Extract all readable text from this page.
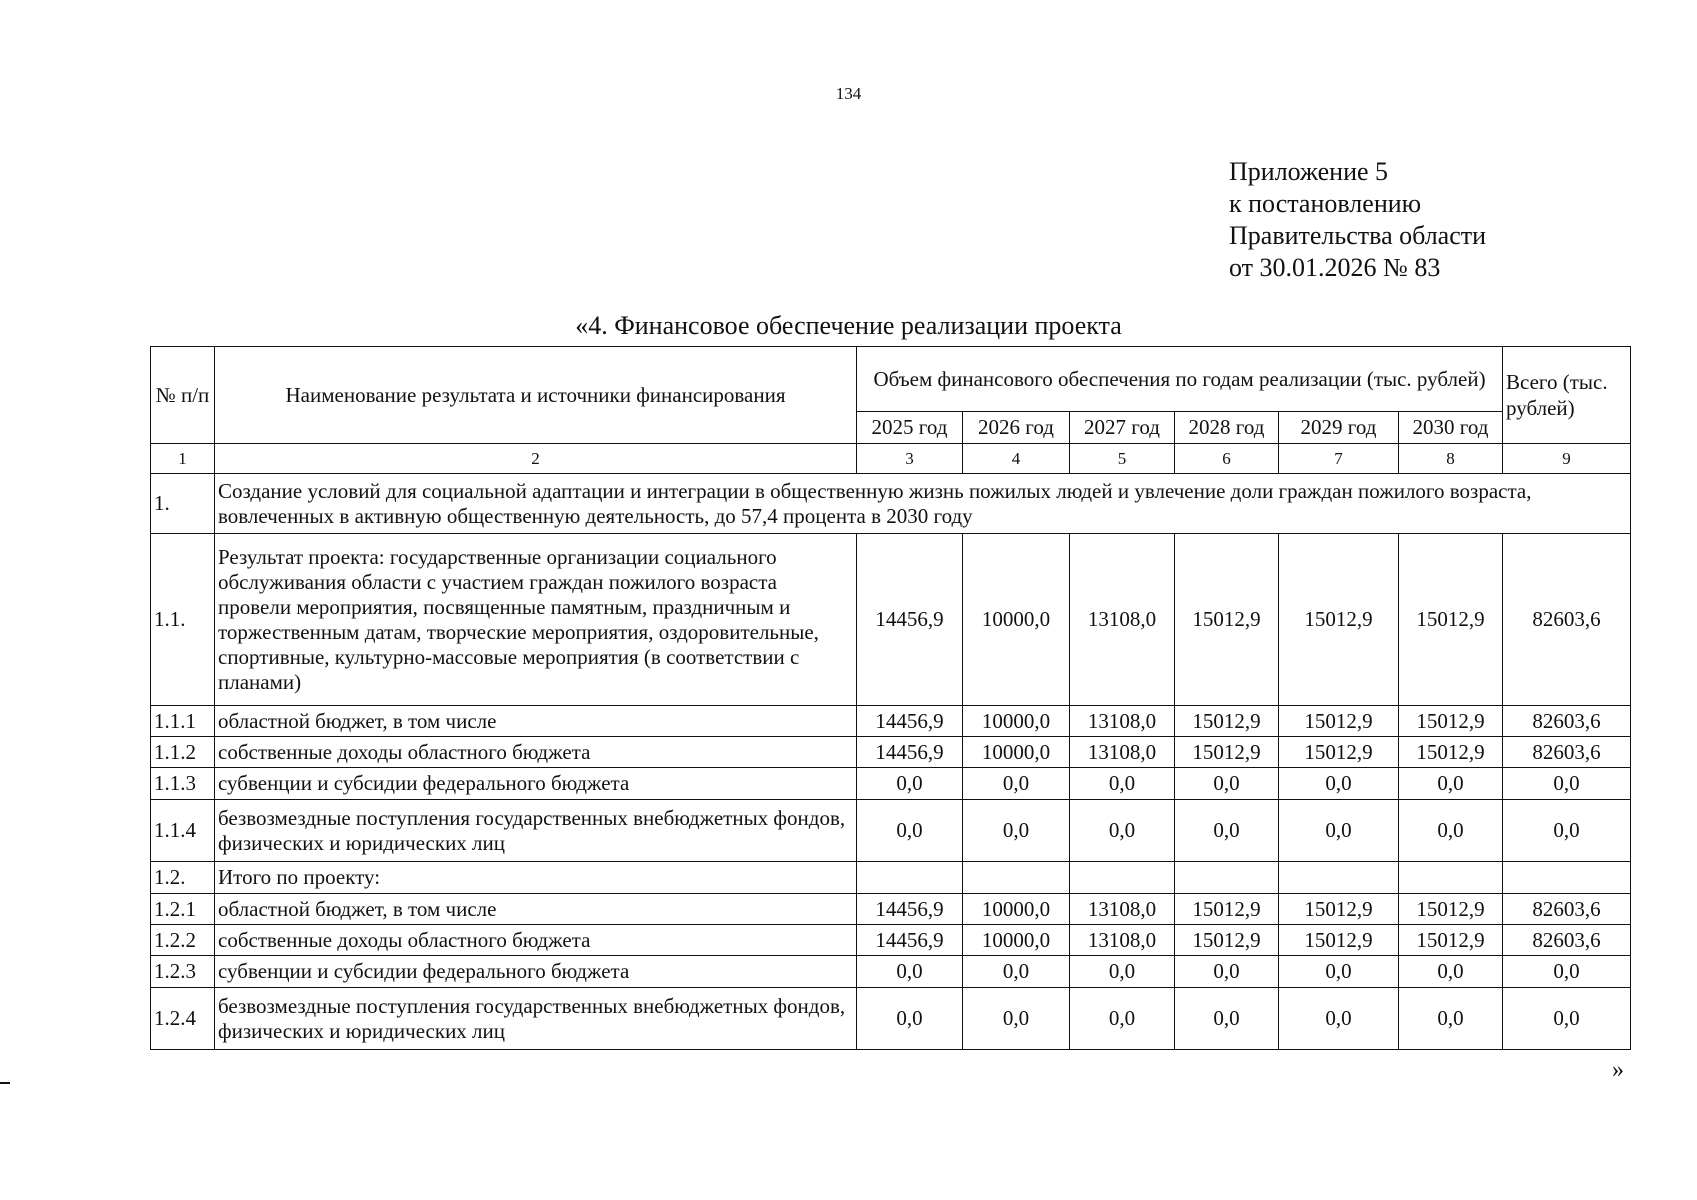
134
Приложение 5
к постановлению
Правительства области
от 30.01.2026 № 83
«4. Финансовое обеспечение реализации проекта
№ п/п	Наименование результата и источники финансирования	Объем финансового обеспечения по годам реализации (тыс. рублей)						Всего (тыс. рублей)
		2025 год	2026 год	2027 год	2028 год	2029 год	2030 год	
1	2	3	4	5	6	7	8	9
1.	Создание условий для социальной адаптации и интеграции в общественную жизнь пожилых людей и увлечение доли граждан пожилого возраста, вовлеченных в активную общественную деятельность, до 57,4 процента в 2030 году							
1.1.	Результат проекта: государственные организации социального обслуживания области с участием граждан пожилого возраста провели мероприятия, посвященные памятным, праздничным и торжественным датам, творческие мероприятия, оздоровительные, спортивные, культурно-массовые мероприятия (в соответствии с планами)	14456,9	10000,0	13108,0	15012,9	15012,9	15012,9	82603,6
1.1.1	областной бюджет, в том числе	14456,9	10000,0	13108,0	15012,9	15012,9	15012,9	82603,6
1.1.2	собственные доходы областного бюджета	14456,9	10000,0	13108,0	15012,9	15012,9	15012,9	82603,6
1.1.3	субвенции и субсидии федерального бюджета	0,0	0,0	0,0	0,0	0,0	0,0	0,0
1.1.4	безвозмездные поступления государственных внебюджетных фондов, физических и юридических лиц	0,0	0,0	0,0	0,0	0,0	0,0	0,0
1.2.	Итого по проекту:							
1.2.1	областной бюджет, в том числе	14456,9	10000,0	13108,0	15012,9	15012,9	15012,9	82603,6
1.2.2	собственные доходы областного бюджета	14456,9	10000,0	13108,0	15012,9	15012,9	15012,9	82603,6
1.2.3	субвенции и субсидии федерального бюджета	0,0	0,0	0,0	0,0	0,0	0,0	0,0
1.2.4	безвозмездные поступления государственных внебюджетных фондов, физических и юридических лиц	0,0	0,0	0,0	0,0	0,0	0,0	0,0
»
